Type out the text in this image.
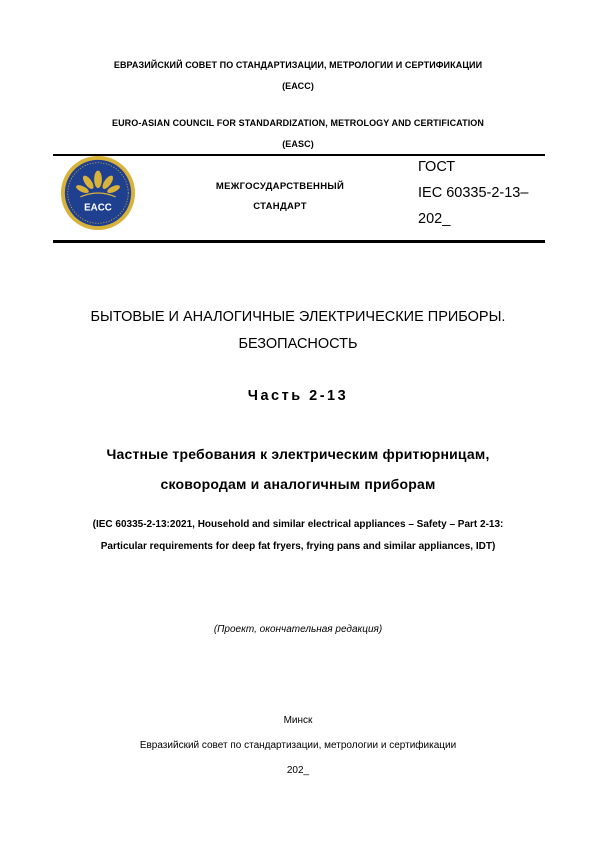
ЕВРАЗИЙСКИЙ СОВЕТ ПО СТАНДАРТИЗАЦИИ, МЕТРОЛОГИИ И СЕРТИФИКАЦИИ
(ЕАСС)
EURO-ASIAN COUNCIL FOR STANDARDIZATION, METROLOGY AND CERTIFICATION
(EASC)
EACC
МЕЖГОСУДАРСТВЕННЫЙ
СТАНДАРТ
ГОСТ
IEC 60335-2-13–
202_
БЫТОВЫЕ И АНАЛОГИЧНЫЕ ЭЛЕКТРИЧЕСКИЕ ПРИБОРЫ.
БЕЗОПАСНОСТЬ
Часть 2-13
Частные требования к электрическим фритюрницам,
сковородам и аналогичным приборам
(IEC 60335-2-13:2021, Household and similar electrical appliances – Safety – Part 2-13:
Particular requirements for deep fat fryers, frying pans and similar appliances, IDT)
(Проект, окончательная редакция)
Минск
Евразийский совет по стандартизации, метрологии и сертификации
202_
